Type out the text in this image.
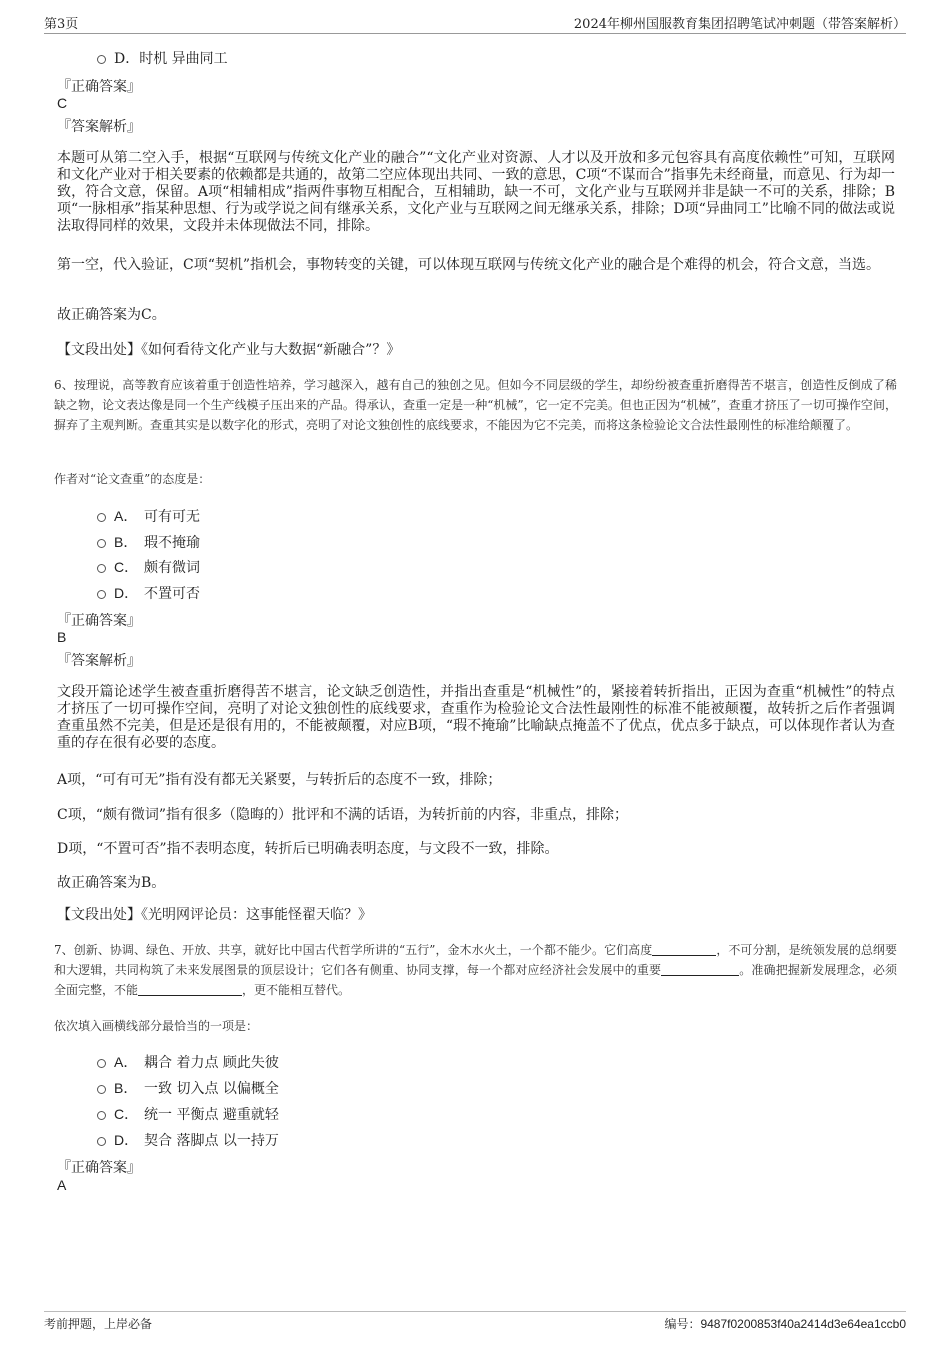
第3页	2024年柳州国服教育集团招聘笔试冲刺题（带答案解析）
D．时机 异曲同工
『正确答案』
C
『答案解析』
本题可从第二空入手，根据“互联网与传统文化产业的融合”“文化产业对资源、人才以及开放和多元包容具有高度依赖性”可知，互联网和文化产业对于相关要素的依赖都是共通的，故第二空应体现出共同、一致的意思，C项“不谋而合”指事先未经商量，而意见、行为却一致，符合文意，保留。A项“相辅相成”指两件事物互相配合，互相辅助，缺一不可，文化产业与互联网并非是缺一不可的关系，排除；B项“一脉相承”指某种思想、行为或学说之间有继承关系，文化产业与互联网之间无继承关系，排除；D项“异曲同工”比喻不同的做法或说法取得同样的效果，文段并未体现做法不同，排除。
第一空，代入验证，C项“契机”指机会，事物转变的关键，可以体现互联网与传统文化产业的融合是个难得的机会，符合文意，当选。
故正确答案为C。
【文段出处】《如何看待文化产业与大数据“新融合”？》
6、按理说，高等教育应该着重于创造性培养，学习越深入，越有自己的独创之见。但如今不同层级的学生，却纷纷被查重折磨得苦不堪言，创造性反倒成了稀缺之物，论文表达像是同一个生产线模子压出来的产品。得承认，查重一定是一种“机械”，它一定不完美。但也正因为“机械”，查重才挤压了一切可操作空间，摒弃了主观判断。查重其实是以数字化的形式，亮明了对论文独创性的底线要求，不能因为它不完美，而将这条检验论文合法性最刚性的标准给颠覆了。
作者对“论文查重”的态度是：
A． 可有可无
B． 瑕不掩瑜
C． 颇有微词
D． 不置可否
『正确答案』
B
『答案解析』
文段开篇论述学生被查重折磨得苦不堪言，论文缺乏创造性，并指出查重是“机械性”的，紧接着转折指出，正因为查重“机械性”的特点才挤压了一切可操作空间，亮明了对论文独创性的底线要求，查重作为检验论文合法性最刚性的标准不能被颠覆，故转折之后作者强调查重虽然不完美，但是还是很有用的，不能被颠覆，对应B项，“瑕不掩瑜”比喻缺点掩盖不了优点，优点多于缺点，可以体现作者认为查重的存在很有必要的态度。
A项，“可有可无”指有没有都无关紧要，与转折后的态度不一致，排除；
C项，“颇有微词”指有很多（隐晦的）批评和不满的话语，为转折前的内容，非重点，排除；
D项，“不置可否”指不表明态度，转折后已明确表明态度，与文段不一致，排除。
故正确答案为B。
【文段出处】《光明网评论员：这事能怪翟天临？》
7、创新、协调、绿色、开放、共享，就好比中国古代哲学所讲的“五行”，金木水火土，一个都不能少。它们高度	，不可分割，是统领发展的总纲要和大逻辑，共同构筑了未来发展图景的顶层设计；它们各有侧重、协同支撑，每一个都对应经济社会发展中的重要	。准确把握新发展理念，必须全面完整，不能	，更不能相互替代。
依次填入画横线部分最恰当的一项是：
A． 耦合 着力点 顾此失彼
B． 一致 切入点 以偏概全
C． 统一 平衡点 避重就轻
D． 契合 落脚点 以一持万
『正确答案』
A
考前押题，上岸必备	编号：9487f0200853f40a2414d3e64ea1ccb0
